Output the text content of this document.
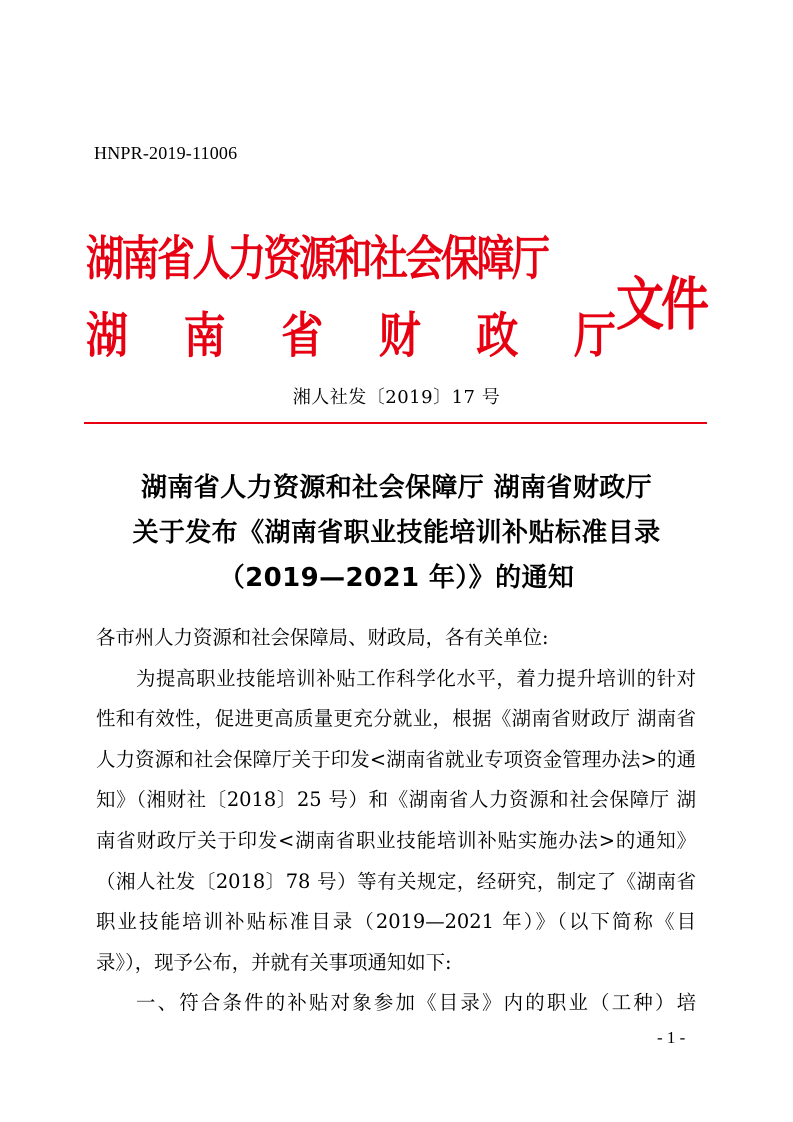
HNPR-2019-11006
湖南省人力资源和社会保障厅
湖 南 省 财 政 厅 文件
湘人社发〔2019〕17 号
湖南省人力资源和社会保障厅 湖南省财政厅
关于发布《湖南省职业技能培训补贴标准目录
（2019—2021 年）》的通知

各市州人力资源和社会保障局、财政局，各有关单位:

为提高职业技能培训补贴工作科学化水平，着力提升培训的针对性和有效性，促进更高质量更充分就业，根据《湖南省财政厅 湖南省人力资源和社会保障厅关于印发<湖南省就业专项资金管理办法>的通知》（湘财社〔2018〕25 号）和《湖南省人力资源和社会保障厅 湖南省财政厅关于印发<湖南省职业技能培训补贴实施办法>的通知》（湘人社发〔2018〕78 号）等有关规定，经研究，制定了《湖南省职业技能培训补贴标准目录（2019—2021 年）》（以下简称《目录》），现予公布，并就有关事项通知如下:

一、符合条件的补贴对象参加《目录》内的职业（工种）培

- 1 -
